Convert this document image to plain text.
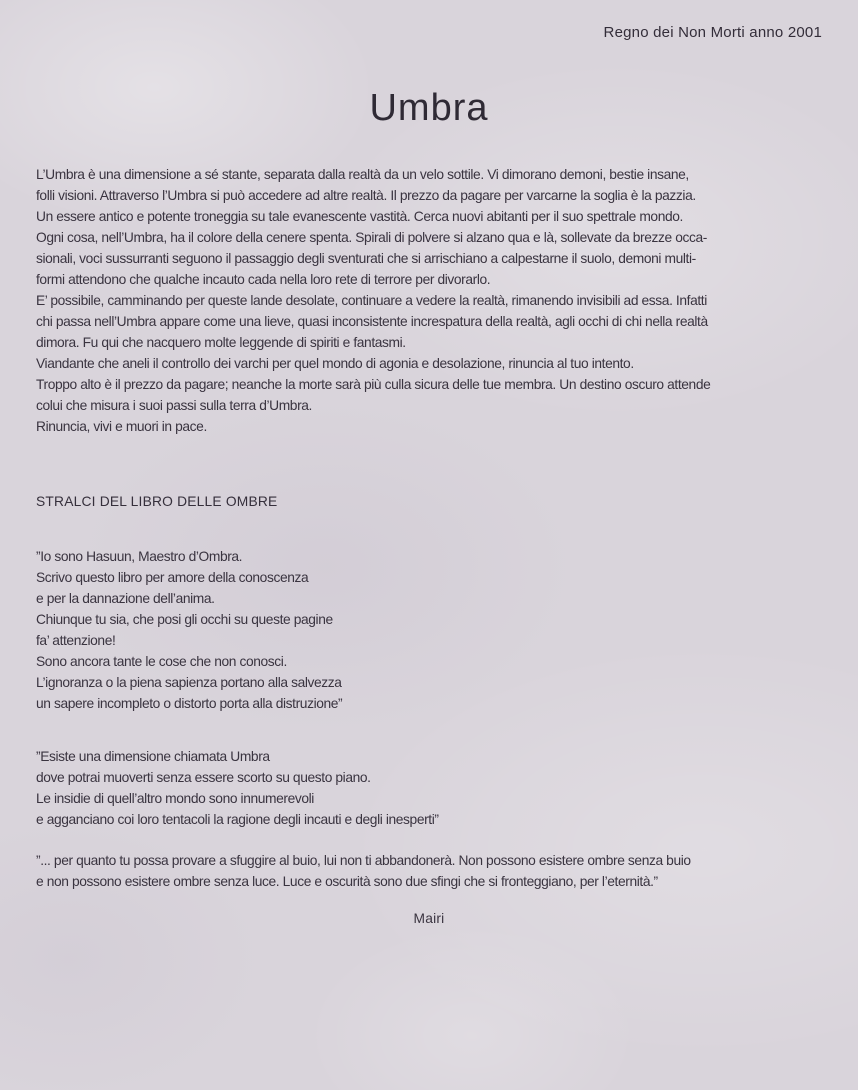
Regno dei Non Morti anno 2001
Umbra
L’Umbra è una dimensione a sé stante, separata dalla realtà da un velo sottile. Vi dimorano demoni, bestie insane,
folli visioni. Attraverso l’Umbra si può accedere ad altre realtà. Il prezzo da pagare per varcarne la soglia è la pazzia.
Un essere antico e potente troneggia su tale evanescente vastità. Cerca nuovi abitanti per il suo spettrale mondo.
Ogni cosa, nell’Umbra, ha il colore della cenere spenta. Spirali di polvere si alzano qua e là, sollevate da brezze occa-
sionali, voci sussurranti seguono il passaggio degli sventurati che si arrischiano a calpestarne il suolo, demoni multi-
formi attendono che qualche incauto cada nella loro rete di terrore per divorarlo.
E’ possibile, camminando per queste lande desolate, continuare a vedere la realtà, rimanendo invisibili ad essa. Infatti
chi passa nell’Umbra appare come una lieve, quasi inconsistente increspatura della realtà, agli occhi di chi nella realtà
dimora. Fu qui che nacquero molte leggende di spiriti e fantasmi.
Viandante che aneli il controllo dei varchi per quel mondo di agonia e desolazione, rinuncia al tuo intento.
Troppo alto è il prezzo da pagare; neanche la morte sarà più culla sicura delle tue membra. Un destino oscuro attende
colui che misura i suoi passi sulla terra d’Umbra.
Rinuncia, vivi e muori in pace.
STRALCI DEL LIBRO DELLE OMBRE
”Io sono Hasuun, Maestro d’Ombra.
Scrivo questo libro per amore della conoscenza
e per la dannazione dell’anima.
Chiunque tu sia, che posi gli occhi su queste pagine
fa’ attenzione!
Sono ancora tante le cose che non conosci.
L’ignoranza o la piena sapienza portano alla salvezza
un sapere incompleto o distorto porta alla distruzione”
”Esiste una dimensione chiamata Umbra
dove potrai muoverti senza essere scorto su questo piano.
Le insidie di quell’altro mondo sono innumerevoli
e agganciano coi loro tentacoli la ragione degli incauti e degli inesperti”
”... per quanto tu possa provare a sfuggire al buio, lui non ti abbandonerà. Non possono esistere ombre senza buio
e non possono esistere ombre senza luce. Luce e oscurità sono due sfingi che si fronteggiano, per l’eternità.”
Mairi
